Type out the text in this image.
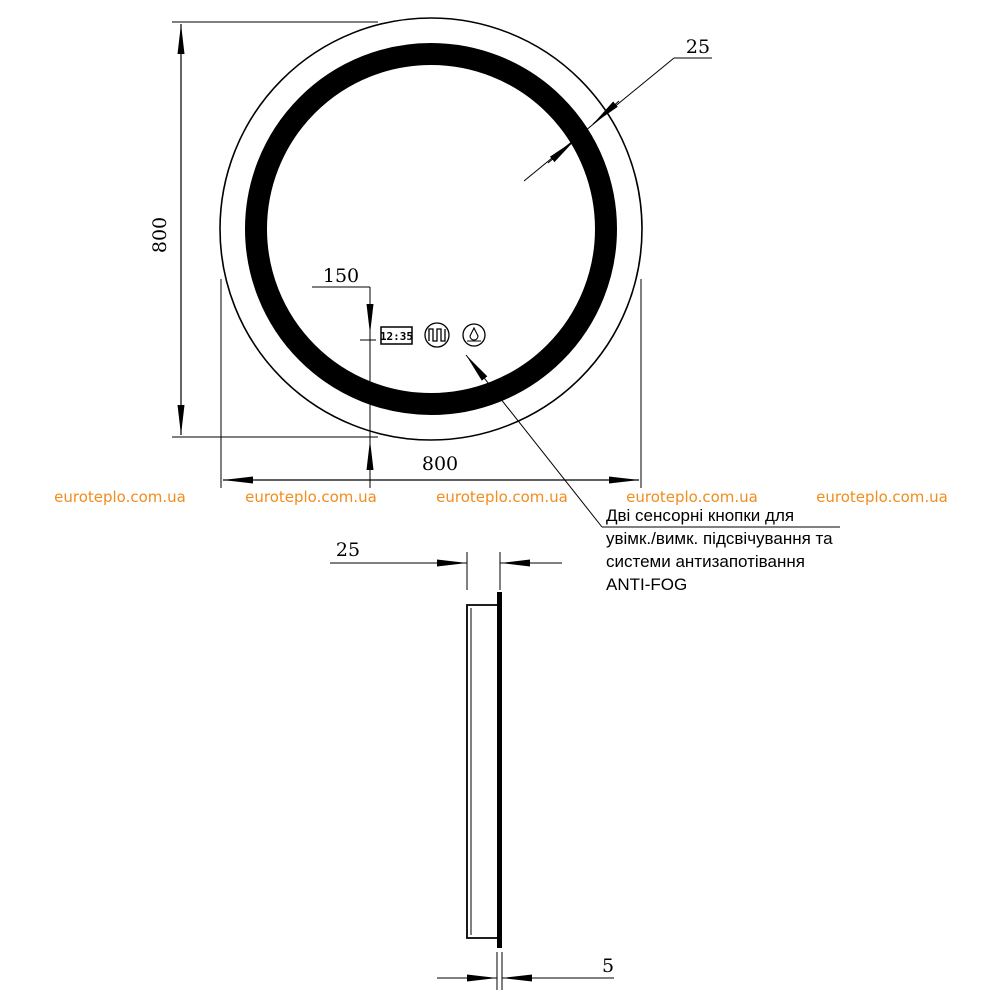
800
800
25
150
12:35
euroteplo.com.ua	euroteplo.com.ua	euroteplo.com.ua	euroteplo.com.ua	euroteplo.com.ua
Дві сенсорні кнопки для
увімк./вимк. підсвічування та
системи антизапотівання
ANTI-FOG
25
5
